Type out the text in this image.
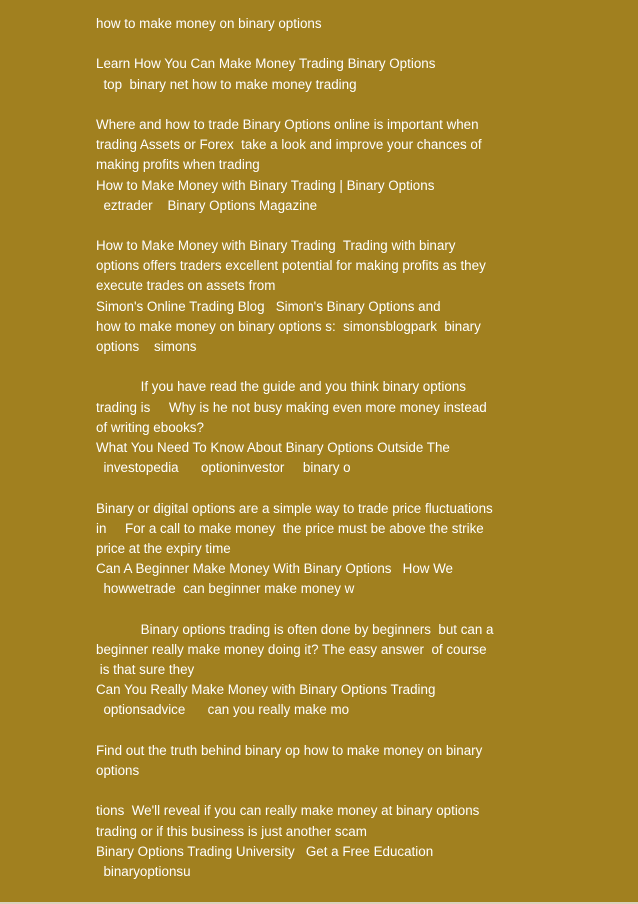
how to make money on binary options
Learn How You Can Make Money Trading Binary Options
top  binary net how to make money trading
Where and how to trade Binary Options online is important when
trading Assets or Forex  take a look and improve your chances of
making profits when trading
How to Make Money with Binary Trading | Binary Options
eztrader    Binary Options Magazine
How to Make Money with Binary Trading  Trading with binary
options offers traders excellent potential for making profits as they
execute trades on assets from
Simon's Online Trading Blog   Simon's Binary Options and
how to make money on binary options s:  simonsblogpark  binary
options    simons
If you have read the guide and you think binary options
trading is     Why is he not busy making even more money instead
of writing ebooks?
What You Need To Know About Binary Options Outside The
investopedia      optioninvestor     binary o
Binary or digital options are a simple way to trade price fluctuations
in     For a call to make money  the price must be above the strike
price at the expiry time
Can A Beginner Make Money With Binary Options   How We
howwetrade  can beginner make money w
Binary options trading is often done by beginners  but can a
beginner really make money doing it? The easy answer  of course
is that sure they
Can You Really Make Money with Binary Options Trading
optionsadvice      can you really make mo
Find out the truth behind binary op how to make money on binary
options
tions  We'll reveal if you can really make money at binary options
trading or if this business is just another scam
Binary Options Trading University   Get a Free Education
binaryoptionsu
